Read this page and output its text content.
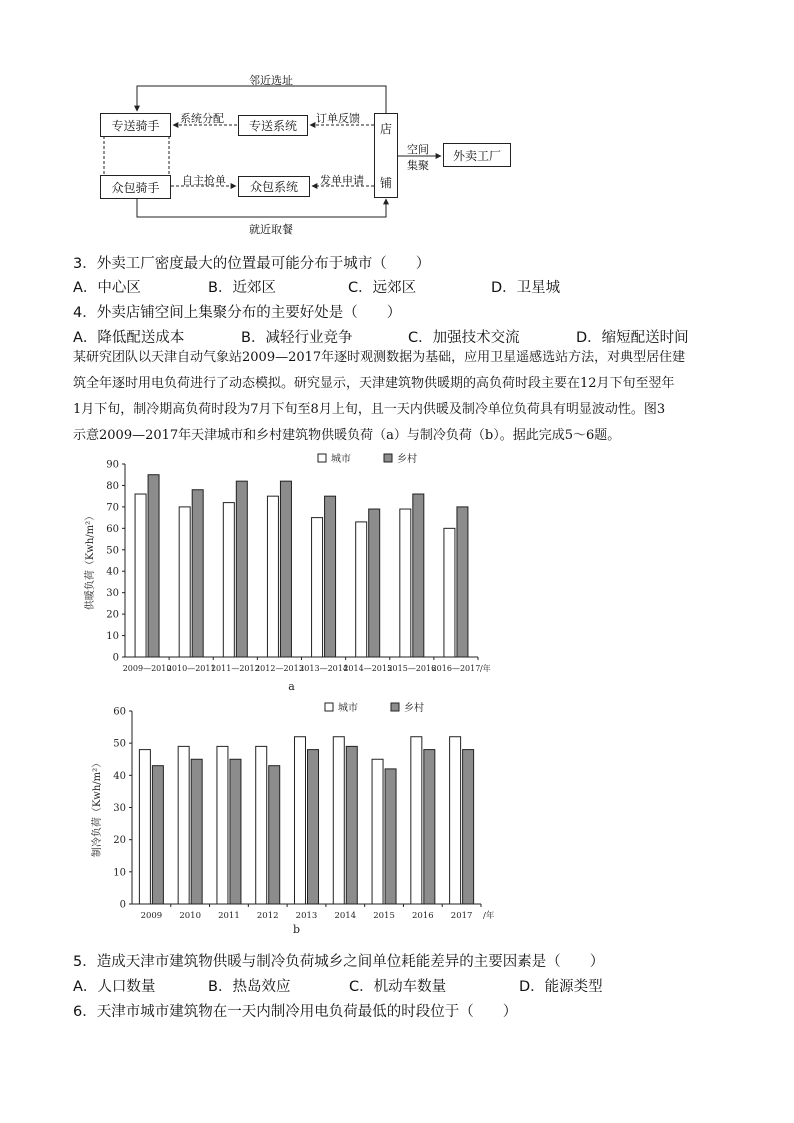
邻近选址
就近取餐
专送骑手
众包骑手
专送系统
众包系统
店
铺
外卖工厂
系统分配	订单反馈
自主抢单	发单申请
空间
集聚
3．外卖工厂密度最大的位置最可能分布于城市（　　）
A．中心区	B．近郊区	C．远郊区	D．卫星城
4．外卖店铺空间上集聚分布的主要好处是（　　）
A．降低配送成本	B．减轻行业竞争	C．加强技术交流	D．缩短配送时间
某研究团队以天津自动气象站2009—2017年逐时观测数据为基础，应用卫星遥感选站方法，对典型居住建
筑全年逐时用电负荷进行了动态模拟。研究显示，天津建筑物供暖期的高负荷时段主要在12月下旬至翌年
1月下旬，制冷期高负荷时段为7月下旬至8月上旬，且一天内供暖及制冷单位负荷具有明显波动性。图3
示意2009—2017年天津城市和乡村建筑物供暖负荷（a）与制冷负荷（b）。据此完成5～6题。
0
10
20
30
40
50
60
70
80
90
供暖负荷（Kwh/m²）
2009—2010
2010—2011
2011—2012
2012—2013
2013—2014
2014—2015
2015—2016
2016—2017 /年
城市	乡村
a
0
10
20
30
40
50
60
制冷负荷（Kwh/m²）
2009 2010 2011 2012 2013 2014 2015 2016 2017 /年
城市	乡村
b
5．造成天津市建筑物供暖与制冷负荷城乡之间单位耗能差异的主要因素是（　　）
A．人口数量	B．热岛效应	C．机动车数量	D．能源类型
6．天津市城市建筑物在一天内制冷用电负荷最低的时段位于（　　）
